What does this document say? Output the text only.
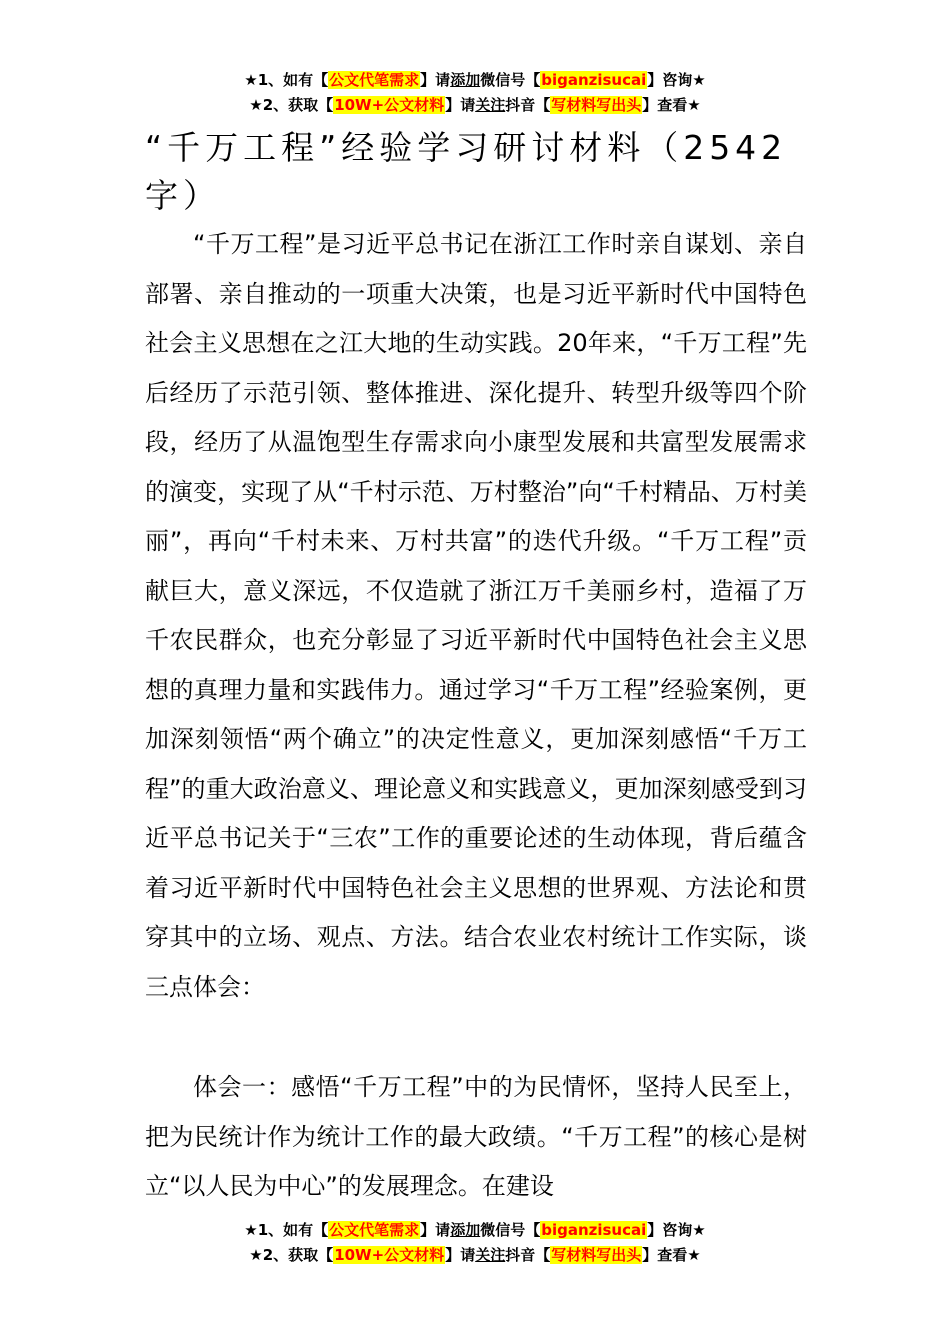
★1、如有【公文代笔需求】请添加微信号【biganzisucai】咨询★
★2、获取【10W+公文材料】请关注抖音【写材料写出头】查看★
“千万工程”经验学习研讨材料（2542字）

“千万工程”是习近平总书记在浙江工作时亲自谋划、亲自部署、亲自推动的一项重大决策，也是习近平新时代中国特色社会主义思想在之江大地的生动实践。20年来，“千万工程”先后经历了示范引领、整体推进、深化提升、转型升级等四个阶段，经历了从温饱型生存需求向小康型发展和共富型发展需求的演变，实现了从“千村示范、万村整治”向“千村精品、万村美丽”，再向“千村未来、万村共富”的迭代升级。“千万工程”贡献巨大，意义深远，不仅造就了浙江万千美丽乡村，造福了万千农民群众，也充分彰显了习近平新时代中国特色社会主义思想的真理力量和实践伟力。通过学习“千万工程”经验案例，更加深刻领悟“两个确立”的决定性意义，更加深刻感悟“千万工程”的重大政治意义、理论意义和实践意义，更加深刻感受到习近平总书记关于“三农”工作的重要论述的生动体现，背后蕴含着习近平新时代中国特色社会主义思想的世界观、方法论和贯穿其中的立场、观点、方法。结合农业农村统计工作实际，谈三点体会：

体会一：感悟“千万工程”中的为民情怀，坚持人民至上，把为民统计作为统计工作的最大政绩。“千万工程”的核心是树立“以人民为中心”的发展理念。在建设

★1、如有【公文代笔需求】请添加微信号【biganzisucai】咨询★
★2、获取【10W+公文材料】请关注抖音【写材料写出头】查看★
